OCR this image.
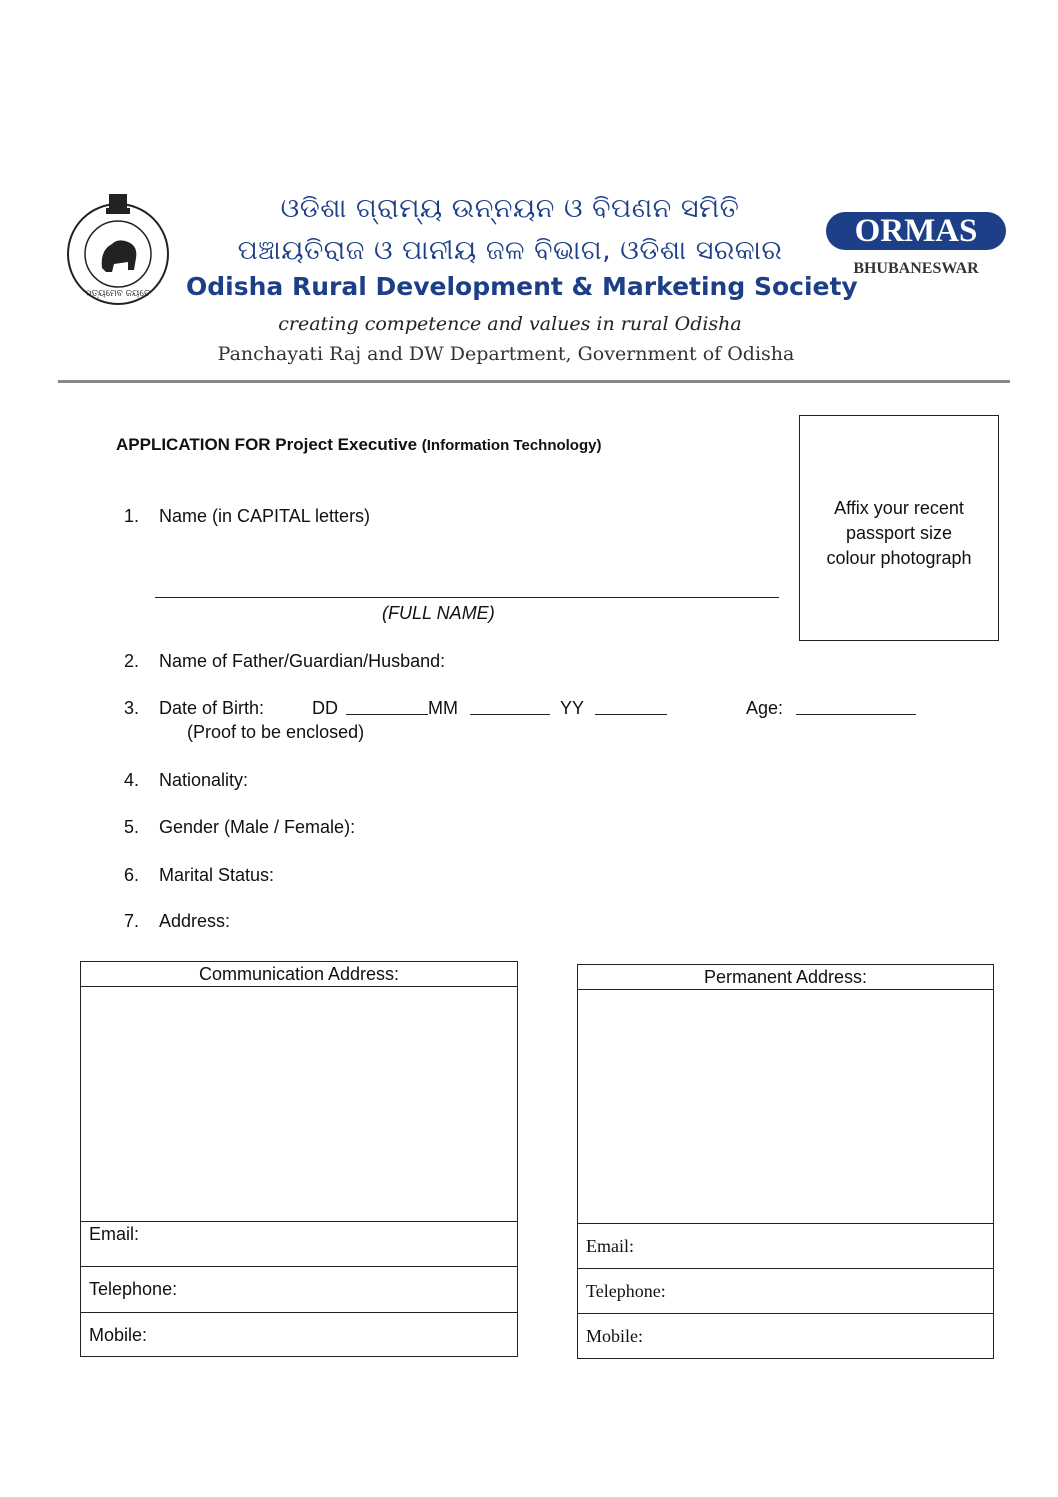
ସତ୍ୟମେବ ଜୟତେ
ଓଡିଶା ଗ୍ରାମ୍ୟ ଉନ୍ନୟନ ଓ ବିପଣନ ସମିତି
ପଞ୍ଚାୟତିରାଜ ଓ ପାନୀୟ ଜଳ ବିଭାଗ, ଓଡିଶା ସରକାର
Odisha Rural Development & Marketing Society
creating competence and values in rural Odisha
Panchayati Raj and DW Department, Government of Odisha
ORMAS
BHUBANESWAR
APPLICATION FOR Project Executive (Information Technology)
Affix your recent
passport size
colour photograph
1. Name (in CAPITAL letters)
(FULL NAME)
2. Name of Father/Guardian/Husband:
3. Date of Birth:	DD	MM	YY	Age:
(Proof to be enclosed)
4. Nationality:
5. Gender (Male / Female):
6. Marital Status:
7. Address:
Communication Address:
Email:
Telephone:
Mobile:
Permanent Address:
Email:
Telephone:
Mobile:
